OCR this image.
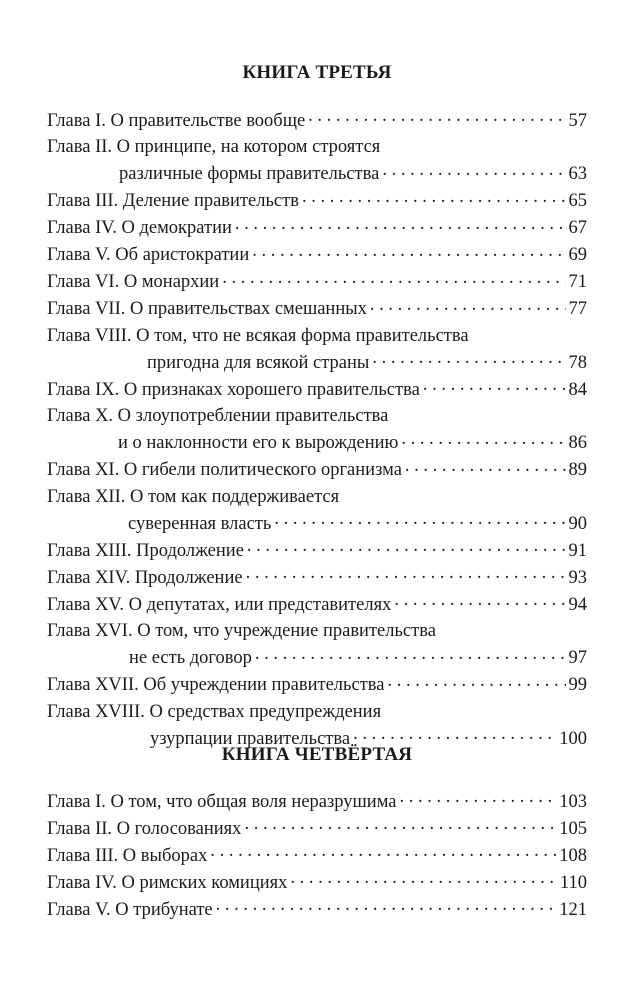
КНИГА ТРЕТЬЯ
Глава I. О правительстве вообще . . .	57
Глава II. О принципе, на котором строятся
различные формы правительства . . .	63
Глава III. Деление правительств . . .	65
Глава IV. О демократии . . .	67
Глава V. Об аристократии . . .	69
Глава VI. О монархии . . .	71
Глава VII. О правительствах смешанных . . .	77
Глава VIII. О том, что не всякая форма правительства
пригодна для всякой страны . . .	78
Глава IX. О признаках хорошего правительства . . .	84
Глава X. О злоупотреблении правительства
и о наклонности его к вырождению . . .	86
Глава XI. О гибели политического организма . . .	89
Глава XII. О том как поддерживается
суверенная власть . . .	90
Глава XIII. Продолжение . . .	91
Глава XIV. Продолжение . . .	93
Глава XV. О депутатах, или представителях . . .	94
Глава XVI. О том, что учреждение правительства
не есть договор . . .	97
Глава XVII. Об учреждении правительства . . .	99
Глава XVIII. О средствах предупреждения
узурпации правительства . . .	100
КНИГА ЧЕТВЁРТАЯ
Глава I. О том, что общая воля неразрушима . . .	103
Глава II. О голосованиях . . .	105
Глава III. О выборах . . .	108
Глава IV. О римских комициях . . .	110
Глава V. О трибунате . . .	121
